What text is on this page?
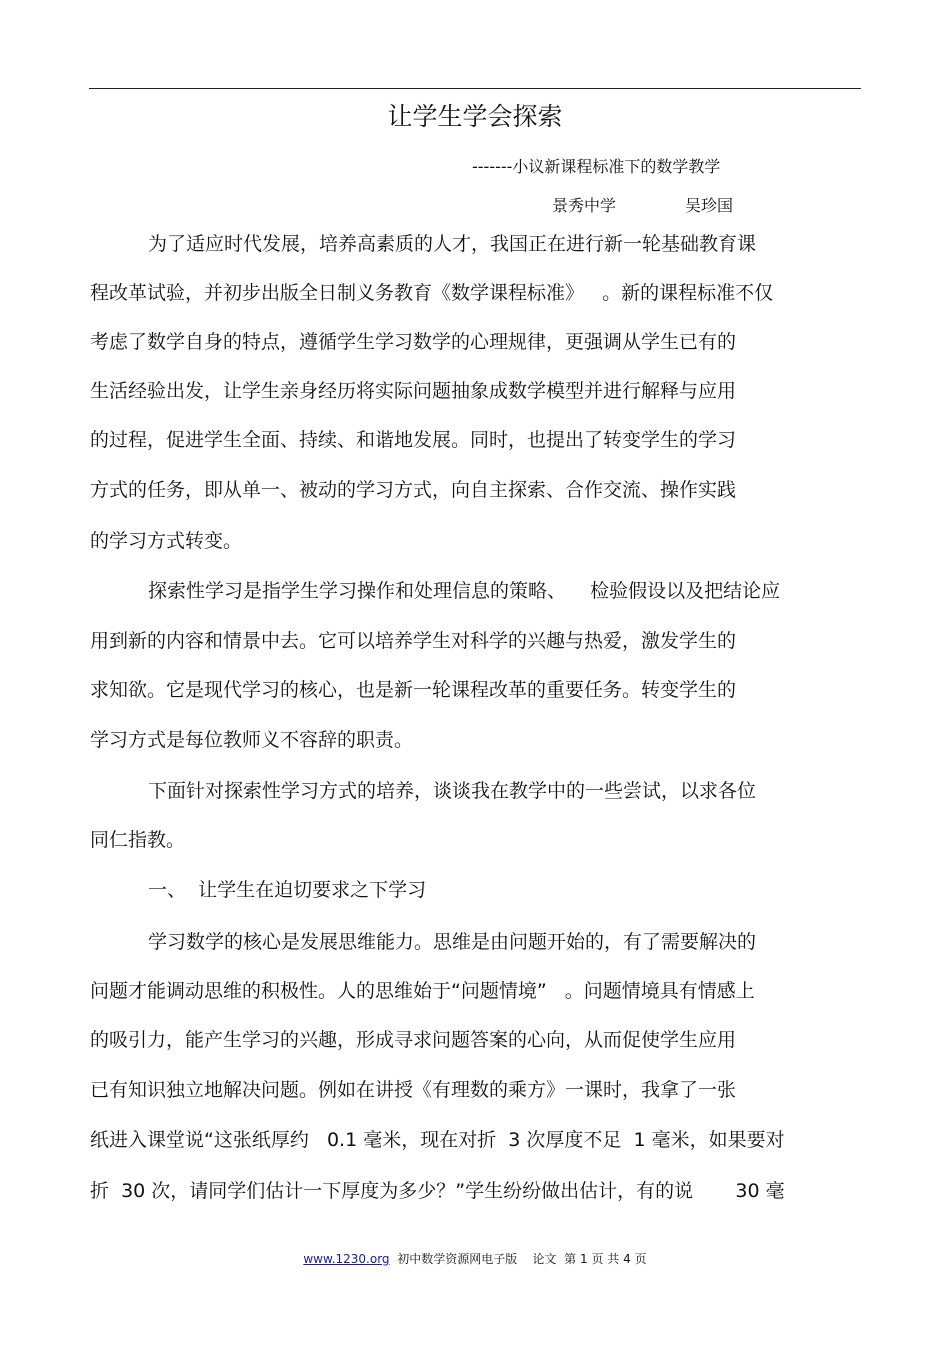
让学生学会探索
-------小议新课程标准下的数学教学
景秀中学	吴珍国
为了适应时代发展，培养高素质的人才，我国正在进行新一轮基础教育课
程改革试验，并初步出版全日制义务教育《数学课程标准》   。新的课程标准不仅
考虑了数学自身的特点，遵循学生学习数学的心理规律，更强调从学生已有的
生活经验出发，让学生亲身经历将实际问题抽象成数学模型并进行解释与应用
的过程，促进学生全面、持续、和谐地发展。同时，也提出了转变学生的学习
方式的任务，即从单一、被动的学习方式，向自主探索、合作交流、操作实践
的学习方式转变。
探索性学习是指学生学习操作和处理信息的策略、    检验假设以及把结论应
用到新的内容和情景中去。它可以培养学生对科学的兴趣与热爱，激发学生的
求知欲。它是现代学习的核心，也是新一轮课程改革的重要任务。转变学生的
学习方式是每位教师义不容辞的职责。
下面针对探索性学习方式的培养，谈谈我在教学中的一些尝试，以求各位
同仁指教。
一、  让学生在迫切要求之下学习
学习数学的核心是发展思维能力。思维是由问题开始的，有了需要解决的
问题才能调动思维的积极性。人的思维始于“问题情境”   。问题情境具有情感上
的吸引力，能产生学习的兴趣，形成寻求问题答案的心向，从而促使学生应用
已有知识独立地解决问题。例如在讲授《有理数的乘方》一课时，我拿了一张
纸进入课堂说“这张纸厚约   0.1 毫米，现在对折  3 次厚度不足  1 毫米，如果要对
折  30 次，请同学们估计一下厚度为多少？”学生纷纷做出估计，有的说       30 毫
www.1230.org 初中数学资源网电子版 论文 第 1 页 共 4 页
